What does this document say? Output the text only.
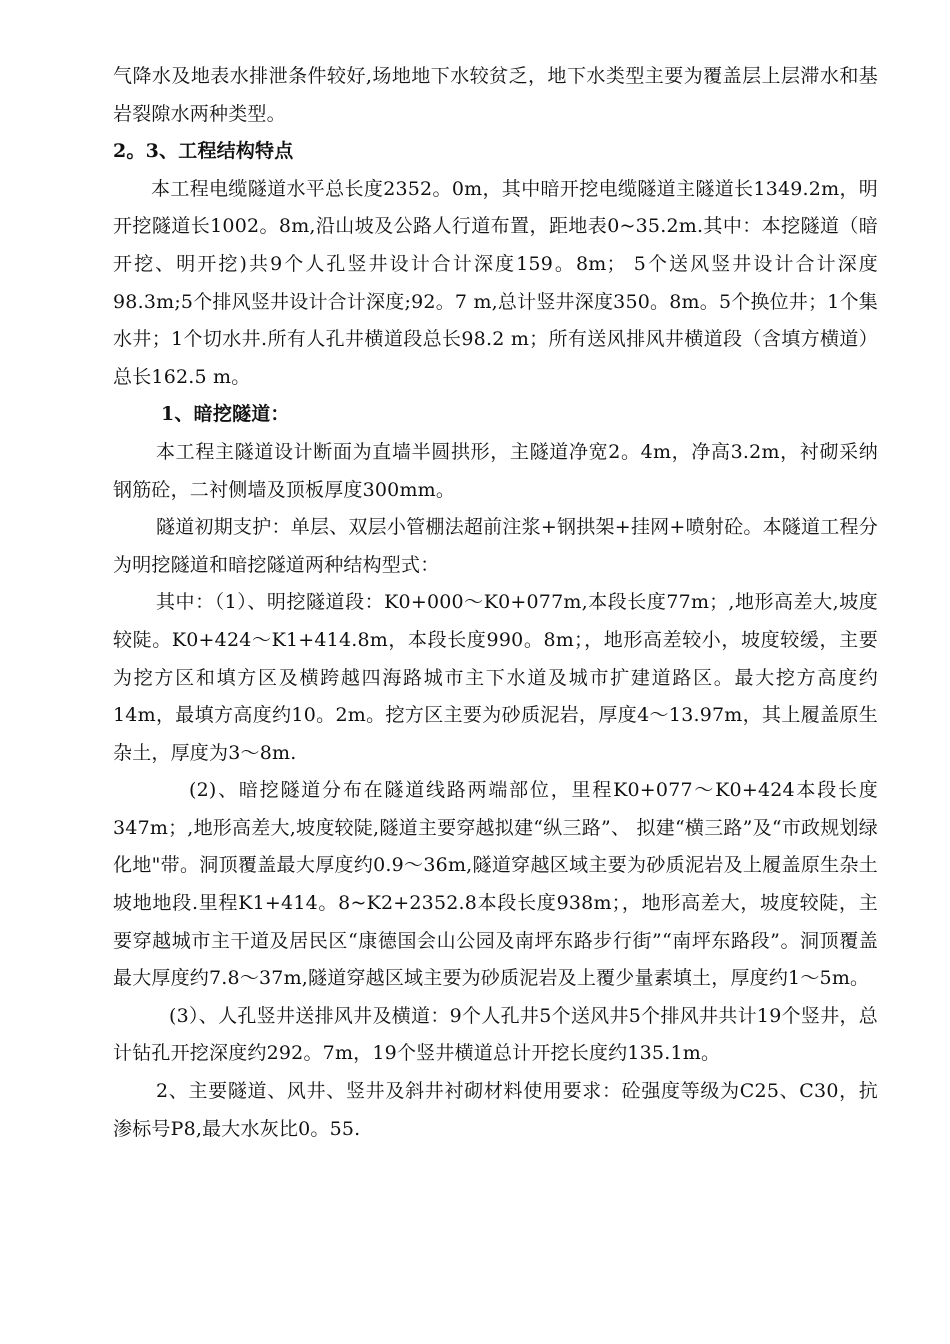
气降水及地表水排泄条件较好,场地地下水较贫乏，地下水类型主要为覆盖层上层滞水和基岩裂隙水两种类型。

2。3、工程结构特点

本工程电缆隧道水平总长度2352。0m，其中暗开挖电缆隧道主隧道长1349.2m，明开挖隧道长1002。8m,沿山坡及公路人行道布置，距地表0~35.2m.其中：本挖隧道（暗开挖、明开挖)共9个人孔竖井设计合计深度159。8m； 5个送风竖井设计合计深度98.3m;5个排风竖井设计合计深度;92。7 m,总计竖井深度350。8m。5个换位井；1个集水井；1个切水井.所有人孔井横道段总长98.2 m；所有送风排风井横道段（含填方横道）总长162.5 m。

1、暗挖隧道：

本工程主隧道设计断面为直墙半圆拱形，主隧道净宽2。4m，净高3.2m，衬砌采纳钢筋砼，二衬侧墙及顶板厚度300mm。

隧道初期支护：单层、双层小管棚法超前注浆+钢拱架+挂网+喷射砼。本隧道工程分为明挖隧道和暗挖隧道两种结构型式：

其中：（1）、明挖隧道段：K0+000～K0+077m,本段长度77m；,地形高差大,坡度较陡。K0+424～K1+414.8m，本段长度990。8m；，地形高差较小，坡度较缓，主要为挖方区和填方区及横跨越四海路城市主下水道及城市扩建道路区。最大挖方高度约14m，最填方高度约10。2m。挖方区主要为砂质泥岩，厚度4～13.97m，其上履盖原生杂土，厚度为3～8m.

(2)、暗挖隧道分布在隧道线路两端部位，里程K0+077～K0+424本段长度347m；,地形高差大,坡度较陡,隧道主要穿越拟建“纵三路”、 拟建“横三路”及“市政规划绿化地"带。洞顶覆盖最大厚度约0.9～36m,隧道穿越区域主要为砂质泥岩及上履盖原生杂土坡地地段.里程K1+414。8~K2+2352.8本段长度938m；，地形高差大，坡度较陡，主要穿越城市主干道及居民区“康德国会山公园及南坪东路步行街”“南坪东路段”。洞顶覆盖最大厚度约7.8～37m,隧道穿越区域主要为砂质泥岩及上覆少量素填土，厚度约1～5m。

(3）、人孔竖井送排风井及横道：9个人孔井5个送风井5个排风井共计19个竖井，总计钻孔开挖深度约292。7m，19个竖井横道总计开挖长度约135.1m。

2、主要隧道、风井、竖井及斜井衬砌材料使用要求：砼强度等级为C25、C30，抗渗标号P8,最大水灰比0。55.
